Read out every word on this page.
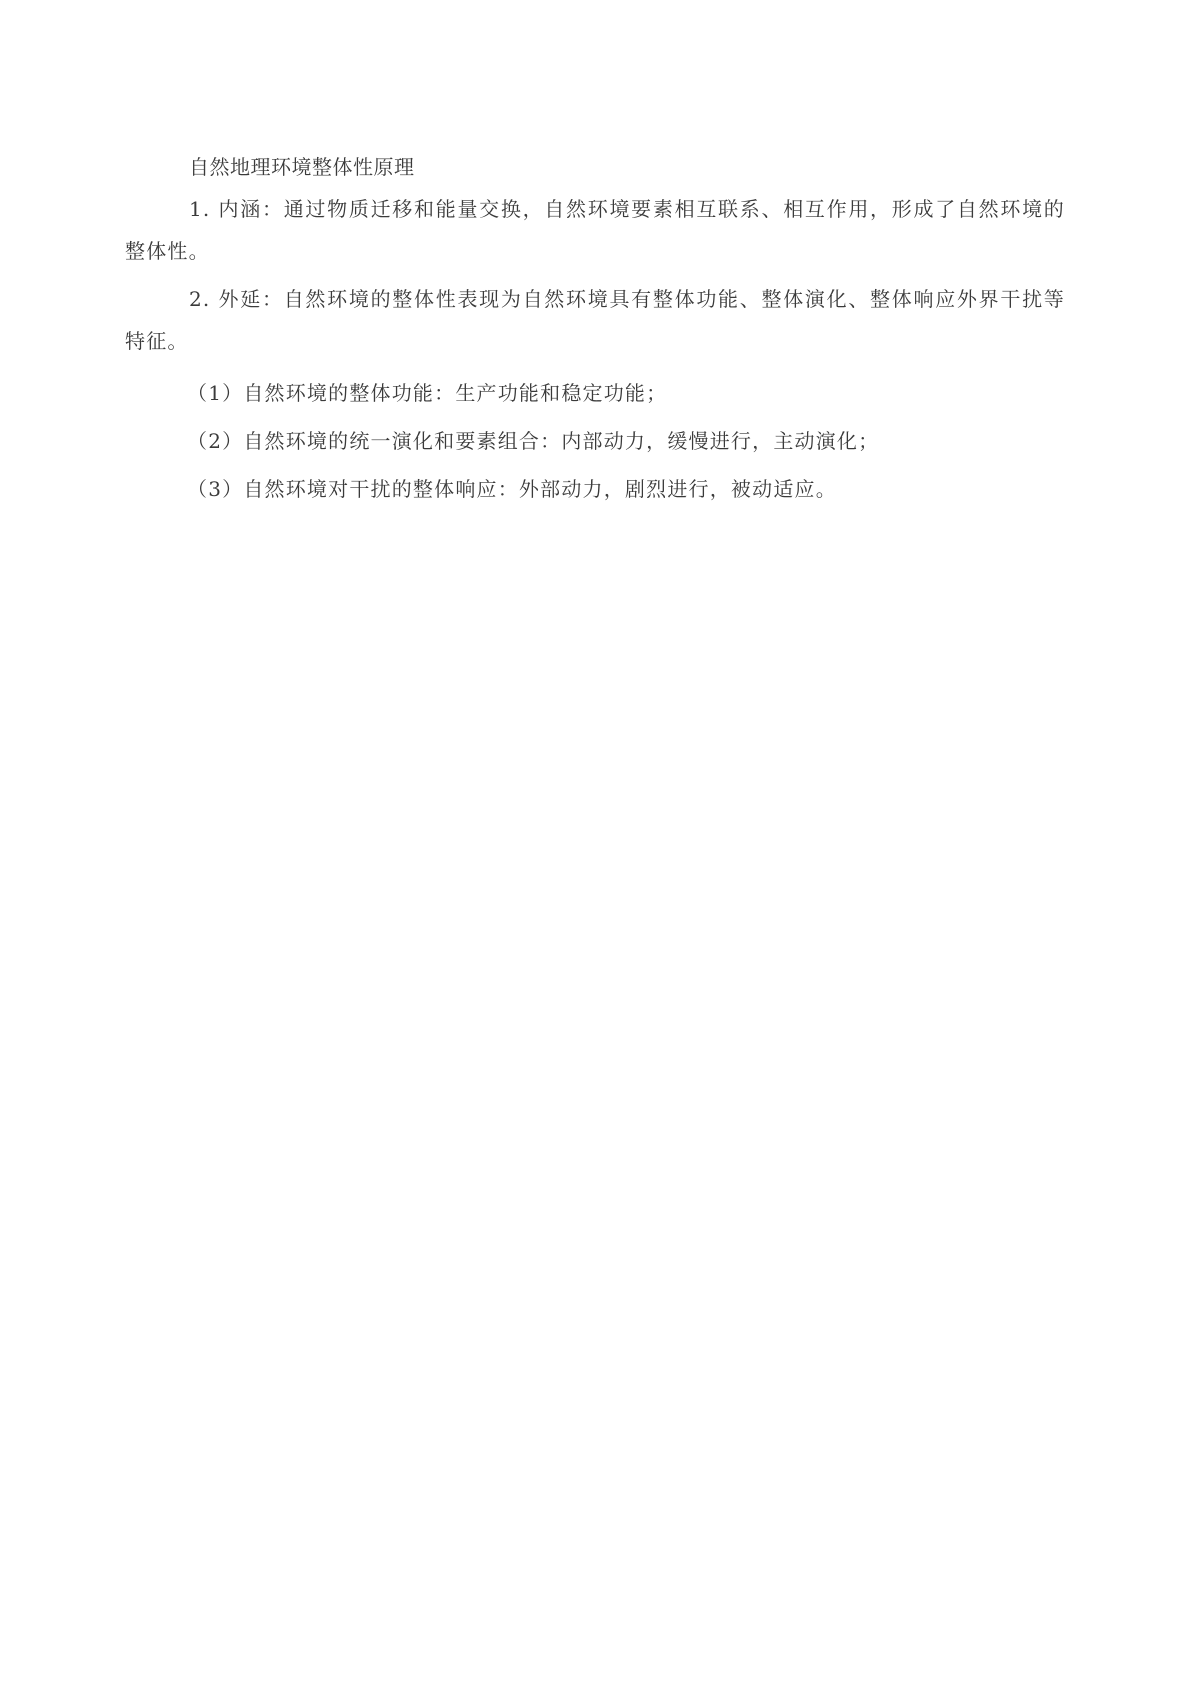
自然地理环境整体性原理

1. 内涵：通过物质迁移和能量交换，自然环境要素相互联系、相互作用，形成了自然环境的整体性。

2. 外延：自然环境的整体性表现为自然环境具有整体功能、整体演化、整体响应外界干扰等特征。

（1）自然环境的整体功能：生产功能和稳定功能；
（2）自然环境的统一演化和要素组合：内部动力，缓慢进行，主动演化；
（3）自然环境对干扰的整体响应：外部动力，剧烈进行，被动适应。
